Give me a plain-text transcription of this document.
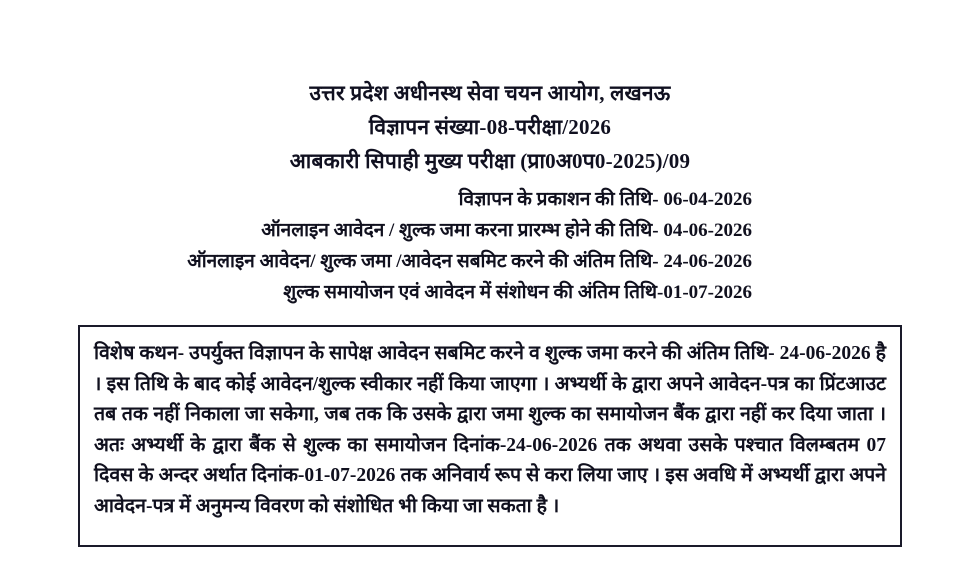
उत्तर प्रदेश अधीनस्थ सेवा चयन आयोग, लखनऊ
विज्ञापन संख्या-08-परीक्षा/2026
आबकारी सिपाही मुख्य परीक्षा (प्रा0अ0प0-2025)/09
विज्ञापन के प्रकाशन की तिथि- 06-04-2026
ऑनलाइन आवेदन / शुल्क जमा करना प्रारम्भ होने की तिथि- 04-06-2026
ऑनलाइन आवेदन/ शुल्क जमा /आवेदन सबमिट करने की अंतिम तिथि- 24-06-2026
शुल्क समायोजन एवं आवेदन में संशोधन की अंतिम तिथि-01-07-2026

विशेष कथन- उपर्युक्त विज्ञापन के सापेक्ष आवेदन सबमिट करने व शुल्क जमा करने की अंतिम तिथि- 24-06-2026 है । इस तिथि के बाद कोई आवेदन/शुल्क स्वीकार नहीं किया जाएगा । अभ्यर्थी के द्वारा अपने आवेदन-पत्र का प्रिंटआउट तब तक नहीं निकाला जा सकेगा, जब तक कि उसके द्वारा जमा शुल्क का समायोजन बैंक द्वारा नहीं कर दिया जाता । अतः अभ्यर्थी के द्वारा बैंक से शुल्क का समायोजन दिनांक-24-06-2026 तक अथवा उसके पश्चात विलम्बतम 07 दिवस के अन्दर अर्थात दिनांक-01-07-2026 तक अनिवार्य रूप से करा लिया जाए । इस अवधि में अभ्यर्थी द्वारा अपने आवेदन-पत्र में अनुमन्य विवरण को संशोधित भी किया जा सकता है ।
